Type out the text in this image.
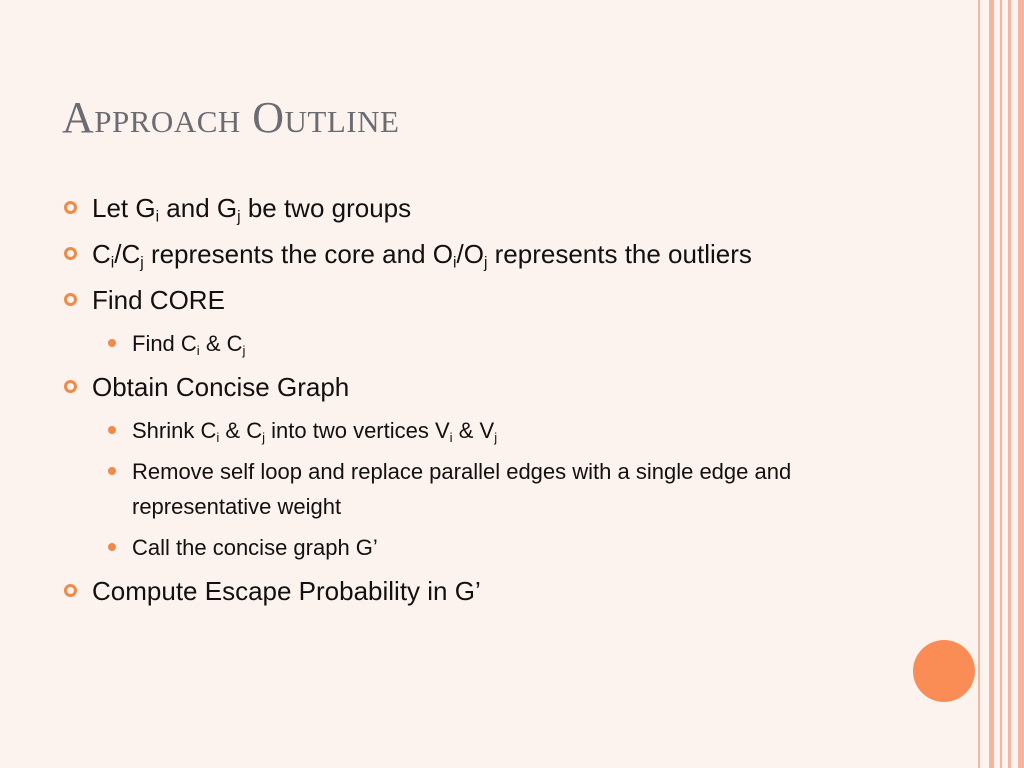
Approach Outline
Let $G_i$ and $G_j$ be two groups
$C_i/C_j$ represents the core and $O_i/O_j$ represents the outliers
Find CORE
Find $C_i$ & $C_j$
Obtain Concise Graph
Shrink $C_i$ & $C_j$ into two vertices $V_i$ & $V_j$
Remove self loop and replace parallel edges with a single edge and representative weight
Call the concise graph G’
Compute Escape Probability in G’
